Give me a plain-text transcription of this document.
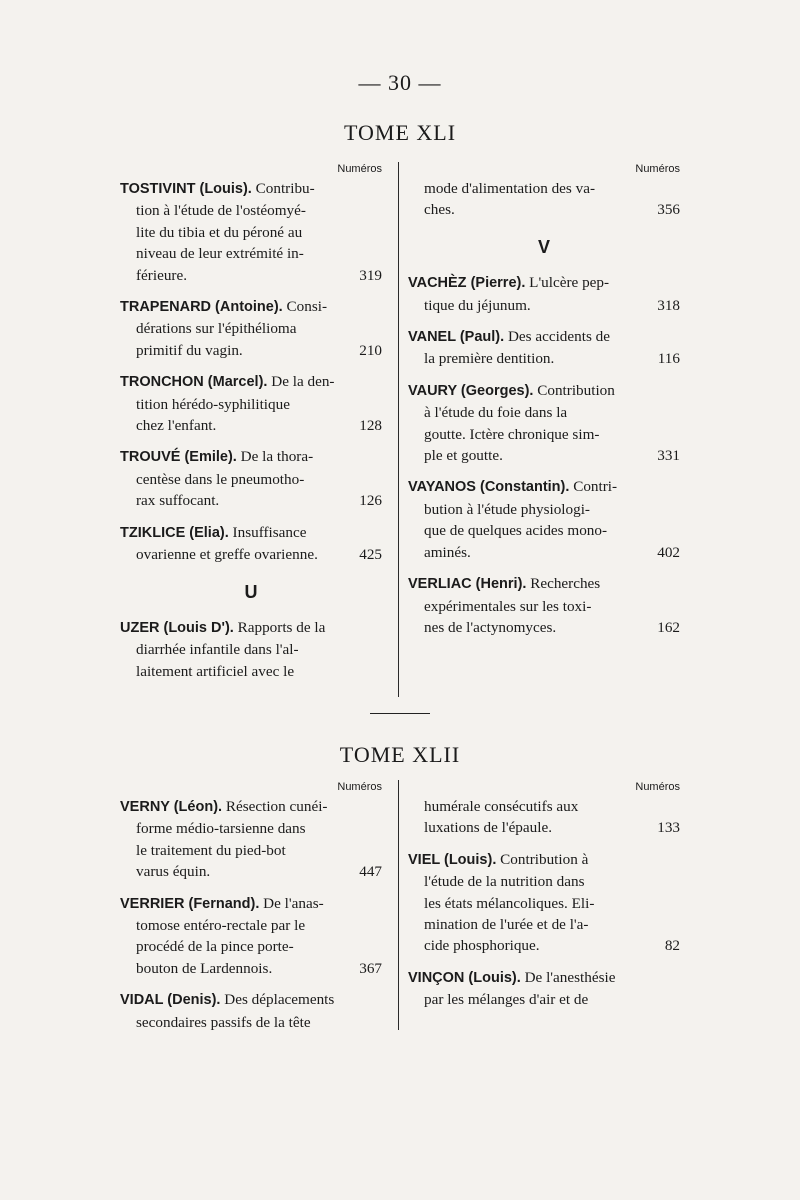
— 30 —
TOME XLI
Numéros
TOSTIVINT (Louis). Contribu-
tion à l'étude de l'ostéomyé-
lite du tibia et du péroné au
niveau de leur extrémité in-
férieure.	319
TRAPENARD (Antoine). Consi-
dérations sur l'épithélioma
primitif du vagin.	210
TRONCHON (Marcel). De la den-
tition hérédo-syphilitique
chez l'enfant.	128
TROUVÉ (Emile). De la thora-
centèse dans le pneumotho-
rax suffocant.	126
TZIKLICE (Elia). Insuffisance
ovarienne et greffe ovarienne.	425
U
UZER (Louis D'). Rapports de la
diarrhée infantile dans l'al-
laitement artificiel avec le
Numéros
mode d'alimentation des va-
ches.	356
V
VACHÈZ (Pierre). L'ulcère pep-
tique du jéjunum.	318
VANEL (Paul). Des accidents de
la première dentition.	116
VAURY (Georges). Contribution
à l'étude du foie dans la
goutte. Ictère chronique sim-
ple et goutte.	331
VAYANOS (Constantin). Contri-
bution à l'étude physiologi-
que de quelques acides mono-
aminés.	402
VERLIAC (Henri). Recherches
expérimentales sur les toxi-
nes de l'actynomyces.	162
TOME XLII
Numéros
VERNY (Léon). Résection cunéi-
forme médio-tarsienne dans
le traitement du pied-bot
varus équin.	447
VERRIER (Fernand). De l'anas-
tomose entéro-rectale par le
procédé de la pince porte-
bouton de Lardennois.	367
VIDAL (Denis). Des déplacements
secondaires passifs de la tête
Numéros
humérale consécutifs aux
luxations de l'épaule.	133
VIEL (Louis). Contribution à
l'étude de la nutrition dans
les états mélancoliques. Eli-
mination de l'urée et de l'a-
cide phosphorique.	82
VINÇON (Louis). De l'anesthésie
par les mélanges d'air et de
